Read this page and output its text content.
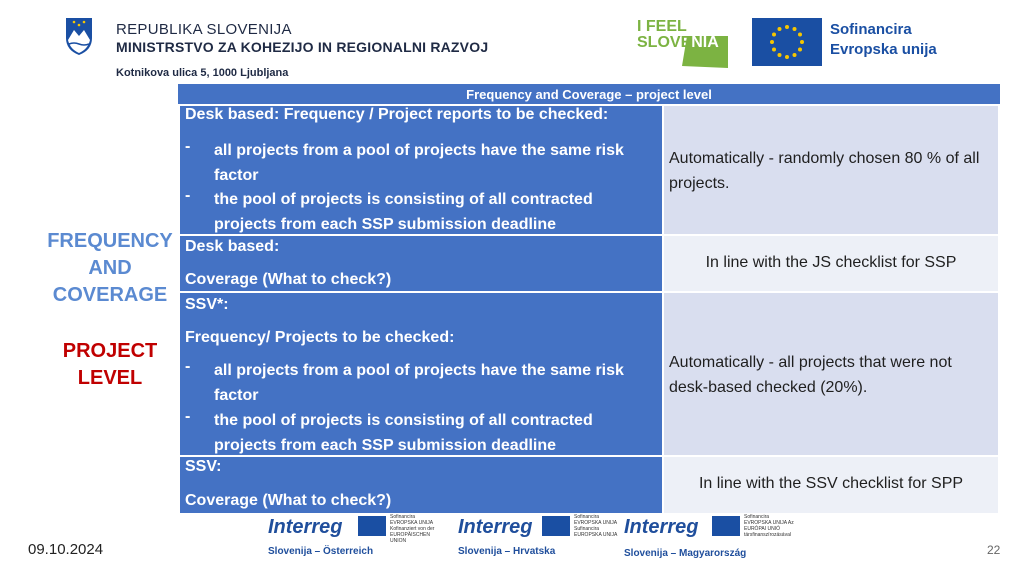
REPUBLIKA SLOVENIJA
MINISTRSTVO ZA KOHEZIJO IN REGIONALNI RAZVOJ
Kotnikova ulica 5, 1000 Ljubljana
I FEEL
SLOVENIA
Sofinancira
Evropska unija
FREQUENCY
AND
COVERAGE
PROJECT
LEVEL
Frequency and Coverage – project level
Desk based: Frequency / Project reports to be checked:
- all projects from a pool of projects have the same risk factor
- the pool of projects is consisting of all contracted projects from each SSP submission deadline
Automatically - randomly chosen 80 % of all projects.
Desk based:
Coverage (What to check?)
In line with the JS checklist for SSP
SSV*:
Frequency/ Projects to be checked:
- all projects from a pool of projects have the same risk factor
- the pool of projects is consisting of all contracted projects from each SSP submission deadline
Automatically - all projects that were not desk-based checked (20%).
SSV:
Coverage (What to check?)
In line with the SSV checklist for SPP
Interreg	Sofinancira EVROPSKA UNIJA Kofinanziert von der EUROPÄISCHEN UNION
Slovenija – Österreich
Interreg	Sofinancira EVROPSKA UNIJA Sufinancira EUROPSKA UNIJA
Slovenija – Hrvatska
Interreg	Sofinancira EVROPSKA UNIJA Az EURÓPAI UNIÓ társfinanszírozásával
Slovenija – Magyarország
09.10.2024	22
